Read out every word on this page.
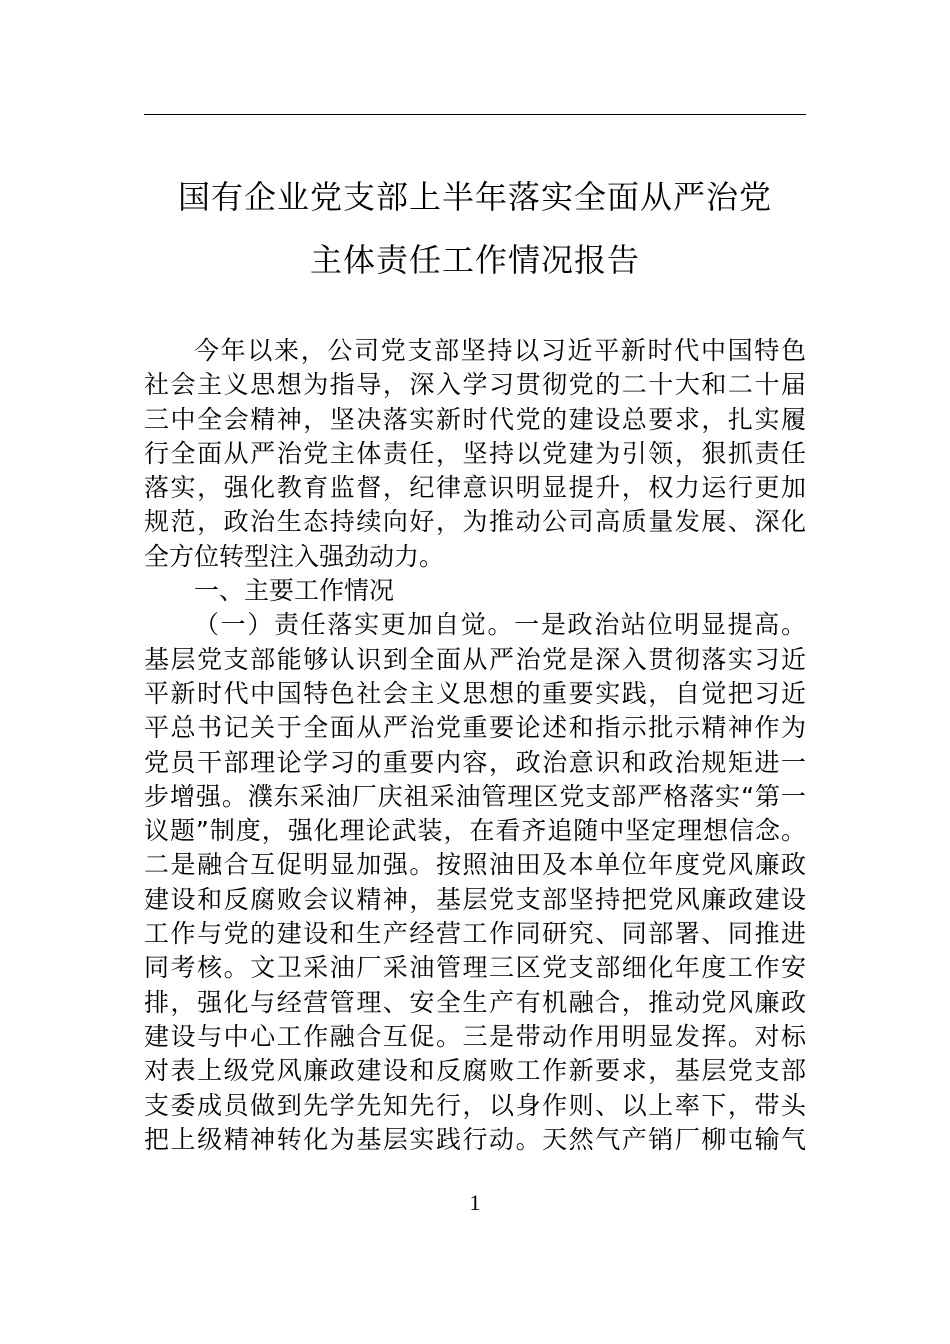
国有企业党支部上半年落实全面从严治党
主体责任工作情况报告
今年以来，公司党支部坚持以习近平新时代中国特色
社会主义思想为指导，深入学习贯彻党的二十大和二十届
三中全会精神，坚决落实新时代党的建设总要求，扎实履
行全面从严治党主体责任，坚持以党建为引领，狠抓责任
落实，强化教育监督，纪律意识明显提升，权力运行更加
规范，政治生态持续向好，为推动公司高质量发展、深化
全方位转型注入强劲动力。
一、主要工作情况
（一）责任落实更加自觉。一是政治站位明显提高。
基层党支部能够认识到全面从严治党是深入贯彻落实习近
平新时代中国特色社会主义思想的重要实践，自觉把习近
平总书记关于全面从严治党重要论述和指示批示精神作为
党员干部理论学习的重要内容，政治意识和政治规矩进一
步增强。濮东采油厂庆祖采油管理区党支部严格落实“第一
议题”制度，强化理论武装，在看齐追随中坚定理想信念。
二是融合互促明显加强。按照油田及本单位年度党风廉政
建设和反腐败会议精神，基层党支部坚持把党风廉政建设
工作与党的建设和生产经营工作同研究、同部署、同推进
同考核。文卫采油厂采油管理三区党支部细化年度工作安
排，强化与经营管理、安全生产有机融合，推动党风廉政
建设与中心工作融合互促。三是带动作用明显发挥。对标
对表上级党风廉政建设和反腐败工作新要求，基层党支部
支委成员做到先学先知先行，以身作则、以上率下，带头
把上级精神转化为基层实践行动。天然气产销厂柳屯输气
1
